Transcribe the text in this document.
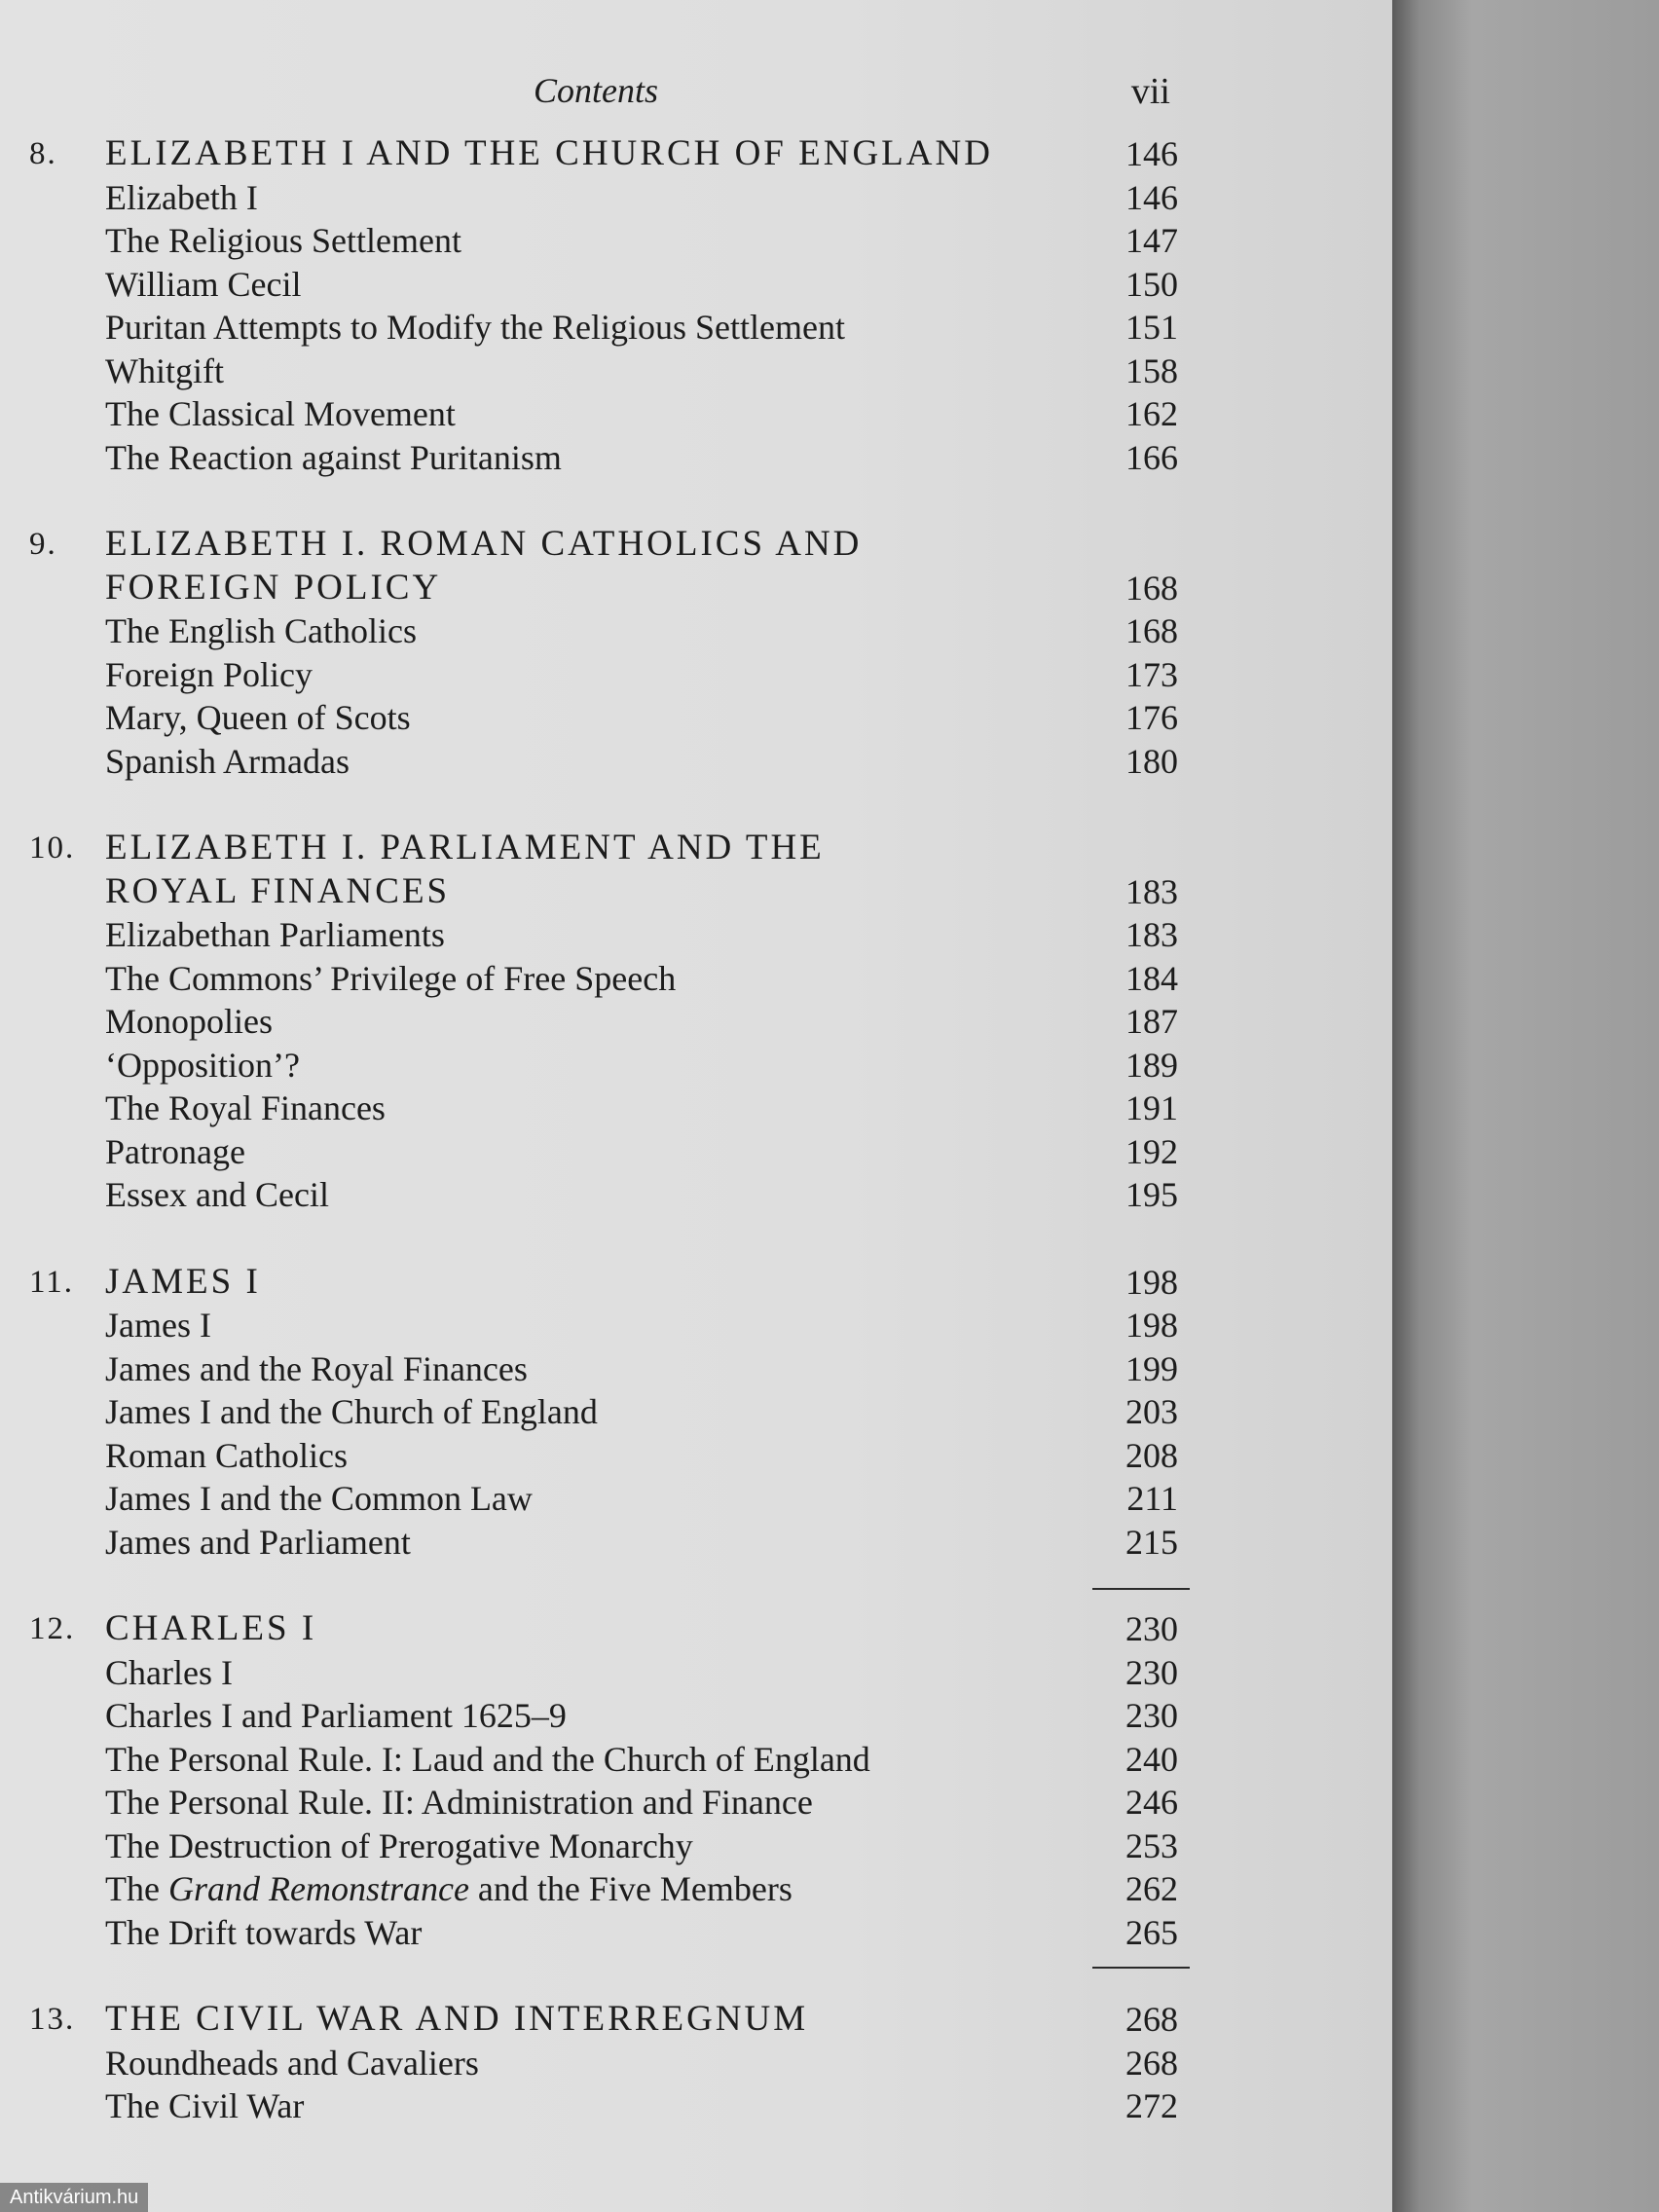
Contents	vii
8.	ELIZABETH I AND THE CHURCH OF ENGLAND	146
Elizabeth I	146
The Religious Settlement	147
William Cecil	150
Puritan Attempts to Modify the Religious Settlement	151
Whitgift	158
The Classical Movement	162
The Reaction against Puritanism	166
9.	ELIZABETH I. ROMAN CATHOLICS AND
FOREIGN POLICY	168
The English Catholics	168
Foreign Policy	173
Mary, Queen of Scots	176
Spanish Armadas	180
10. ELIZABETH I. PARLIAMENT AND THE
ROYAL FINANCES	183
Elizabethan Parliaments	183
The Commons’ Privilege of Free Speech	184
Monopolies	187
‘Opposition’?	189
The Royal Finances	191
Patronage	192
Essex and Cecil	195
11. JAMES I	198
James I	198
James and the Royal Finances	199
James I and the Church of England	203
Roman Catholics	208
James I and the Common Law	211
James and Parliament	215
12. CHARLES I	230
Charles I	230
Charles I and Parliament 1625–9	230
The Personal Rule. I: Laud and the Church of England	240
The Personal Rule. II: Administration and Finance	246
The Destruction of Prerogative Monarchy	253
The Grand Remonstrance and the Five Members	262
The Drift towards War	265
13. THE CIVIL WAR AND INTERREGNUM	268
Roundheads and Cavaliers	268
The Civil War	272
Antikvárium.hu
